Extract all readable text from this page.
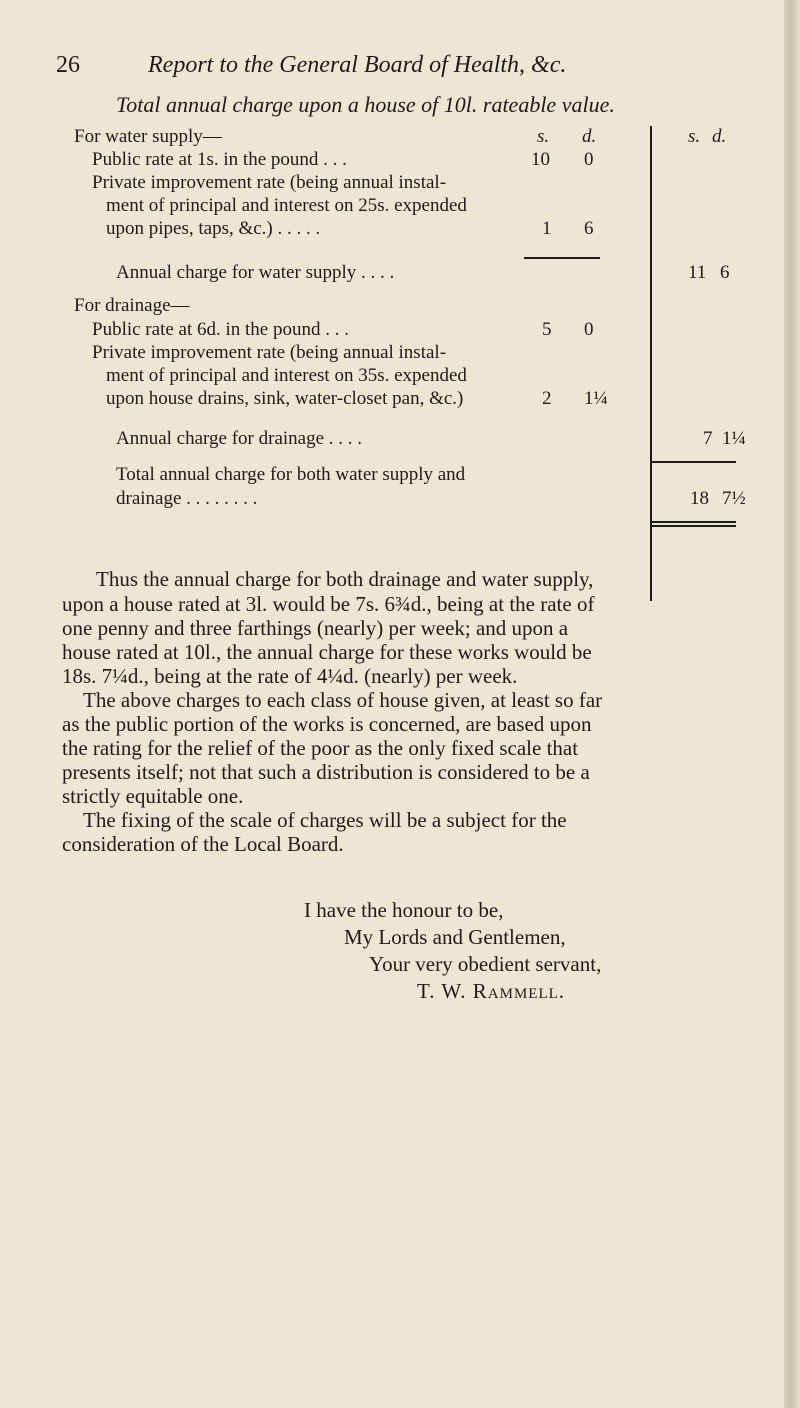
26	Report to the General Board of Health, &c.
Total annual charge upon a house of 10l. rateable value.
s. d.	s. d.
For water supply—
Public rate at 1s. in the pound . . .	10 0
Private improvement rate (being annual instal-
ment of principal and interest on 25s. expended
upon pipes, taps, &c.) . . . . .	1 6
Annual charge for water supply . . . .	11 6
For drainage—
Public rate at 6d. in the pound . . .	5 0
Private improvement rate (being annual instal-
ment of principal and interest on 35s. expended
upon house drains, sink, water-closet pan, &c.)	2 1¼
Annual charge for drainage . . . .	7 1¼
Total annual charge for both water supply and
drainage . . . . . . . .	18 7½
Thus the annual charge for both drainage and water supply,
upon a house rated at 3l. would be 7s. 6¾d., being at the rate of
one penny and three farthings (nearly) per week; and upon a
house rated at 10l., the annual charge for these works would be
18s. 7¼d., being at the rate of 4¼d. (nearly) per week.
The above charges to each class of house given, at least so far
as the public portion of the works is concerned, are based upon
the rating for the relief of the poor as the only fixed scale that
presents itself; not that such a distribution is considered to be a
strictly equitable one.
The fixing of the scale of charges will be a subject for the
consideration of the Local Board.
I have the honour to be,
My Lords and Gentlemen,
Your very obedient servant,
T. W. Rammell.
